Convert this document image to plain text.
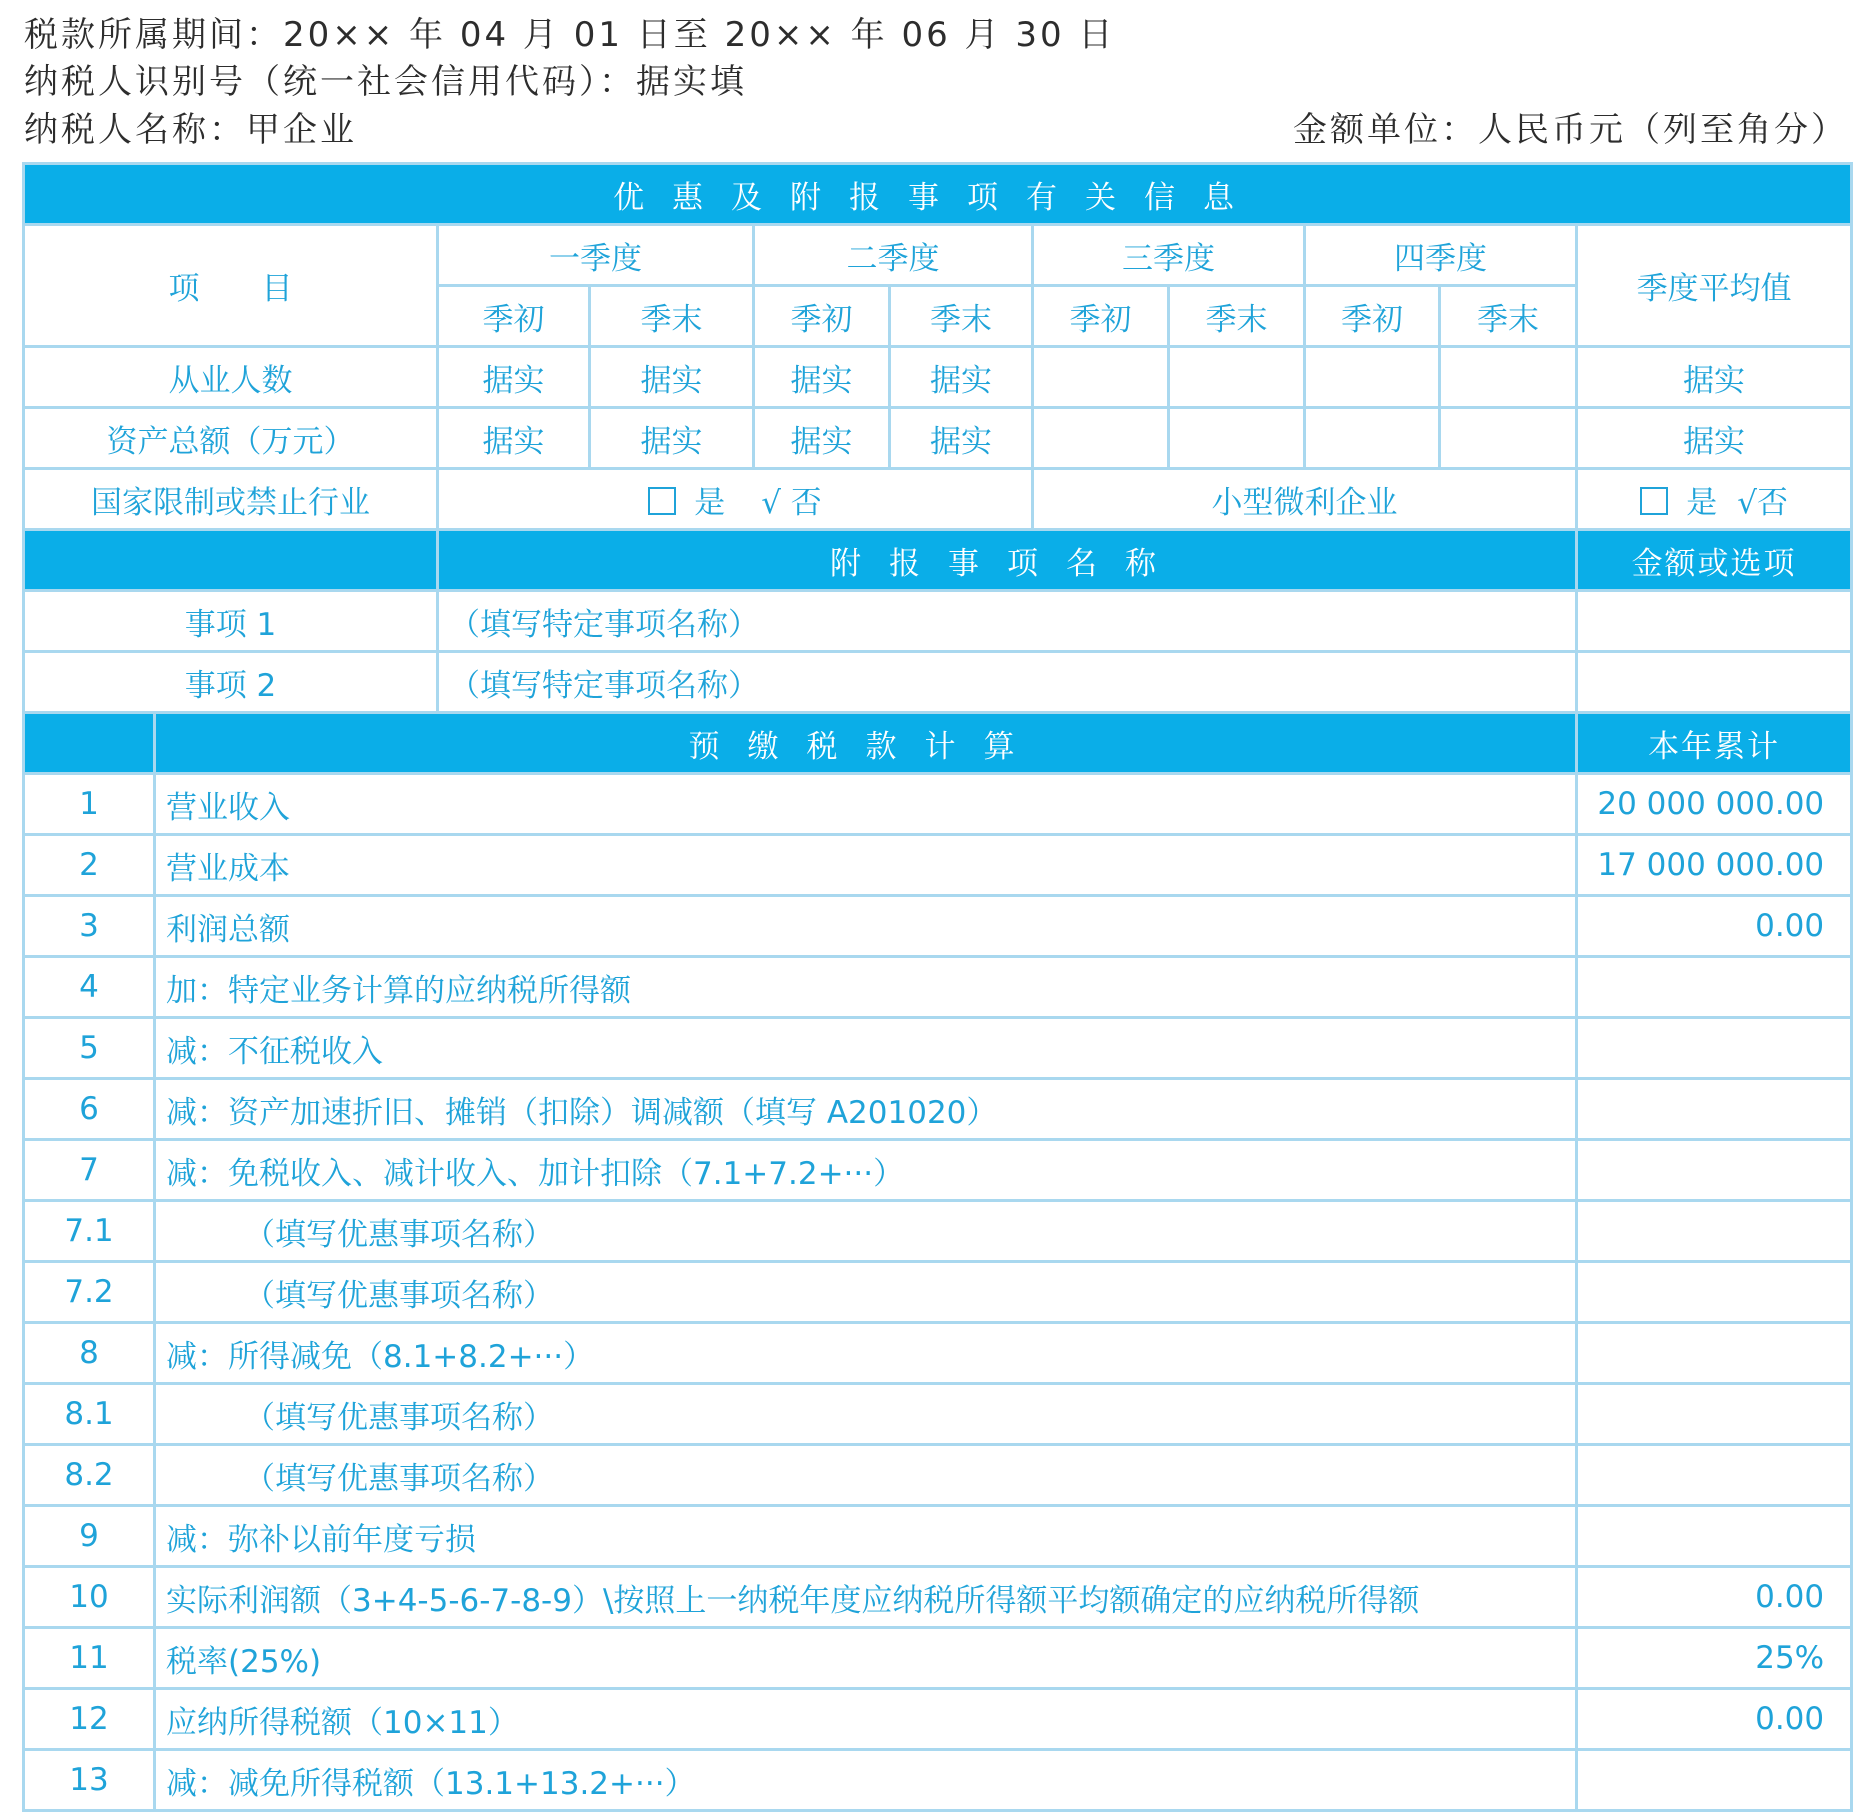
税款所属期间：20×× 年 04 月 01 日至 20×× 年 06 月 30 日
纳税人识别号（统一社会信用代码）：据实填
纳税人名称：甲企业	金额单位：人民币元（列至角分）
优惠及附报事项有关信息										
项　　目		一季度		二季度		三季度		四季度		季度平均值
		季初	季末	季初	季末	季初	季末	季初	季末	
从业人数		据实	据实	据实	据实					据实
资产总额（万元）		据实	据实	据实	据实					据实
国家限制或禁止行业		是 √ 否				小型微利企业				是 √否
		附报事项名称								金额或选项
事项 1		（填写特定事项名称）								
事项 2		（填写特定事项名称）								
	预缴税款计算									本年累计
1	营业收入									20 000 000.00
2	营业成本									17 000 000.00
3	利润总额									0.00
4	加：特定业务计算的应纳税所得额									
5	减：不征税收入									
6	减：资产加速折旧、摊销（扣除）调减额（填写 A201020）									
7	减：免税收入、减计收入、加计扣除（7.1+7.2+···）									
7.1	（填写优惠事项名称）									
7.2	（填写优惠事项名称）									
8	减：所得减免（8.1+8.2+···）									
8.1	（填写优惠事项名称）									
8.2	（填写优惠事项名称）									
9	减：弥补以前年度亏损									
10	实际利润额（3+4-5-6-7-8-9）\按照上一纳税年度应纳税所得额平均额确定的应纳税所得额									0.00
11	税率(25%)									25%
12	应纳所得税额（10×11）									0.00
13	减：减免所得税额（13.1+13.2+···）									
